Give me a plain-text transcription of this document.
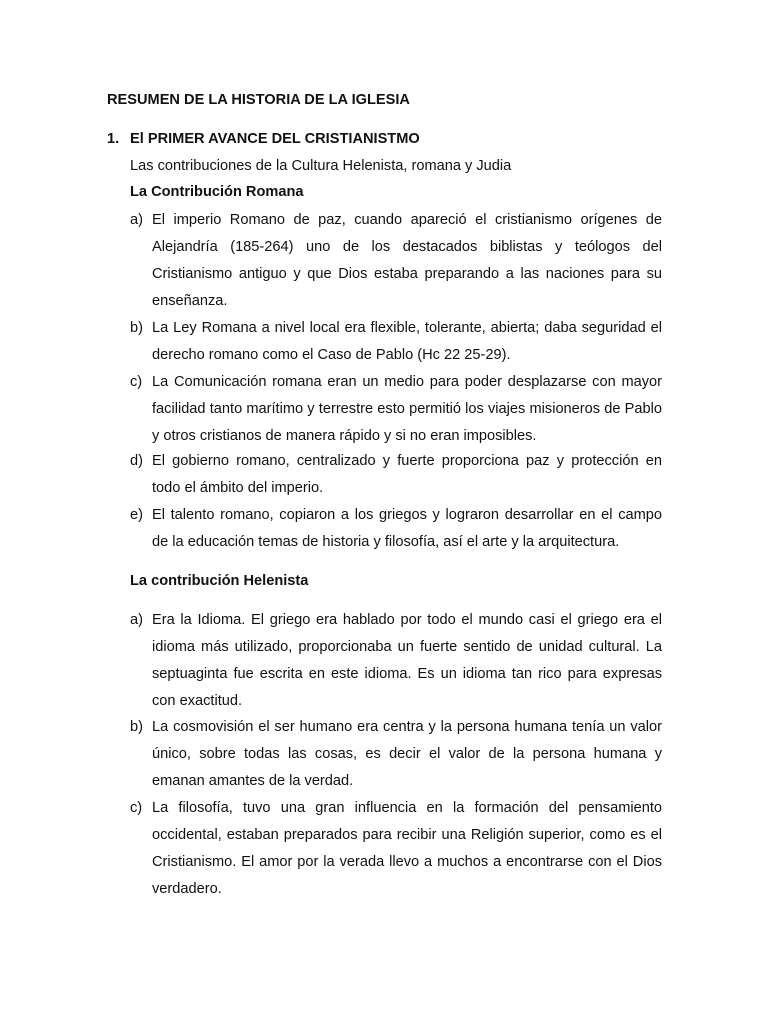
RESUMEN DE LA HISTORIA DE LA IGLESIA
1. El PRIMER AVANCE DEL CRISTIANISTMO
Las contribuciones de la Cultura Helenista, romana y Judia
La Contribución Romana
a) El imperio Romano de paz, cuando apareció el cristianismo orígenes de Alejandría (185-264) uno de los destacados biblistas y teólogos del Cristianismo antiguo y que Dios estaba preparando a las naciones para su enseñanza.
b) La Ley Romana a nivel local era flexible, tolerante, abierta; daba seguridad el derecho romano como el Caso de Pablo (Hc 22 25-29).
c) La Comunicación romana eran un medio para poder desplazarse con mayor facilidad tanto marítimo y terrestre esto permitió los viajes misioneros de Pablo y otros cristianos de manera rápido y si no eran imposibles.
d) El gobierno romano, centralizado y fuerte proporciona paz y protección en todo el ámbito del imperio.
e) El talento romano, copiaron a los griegos y lograron desarrollar en el campo de la educación temas de historia y filosofía, así el arte y la arquitectura.
La contribución Helenista
a) Era la Idioma. El griego era hablado por todo el mundo casi el griego era el idioma más utilizado, proporcionaba un fuerte sentido de unidad cultural. La septuaginta fue escrita en este idioma. Es un idioma tan rico para expresas con exactitud.
b) La cosmovisión el ser humano era centra y la persona humana tenía un valor único, sobre todas las cosas, es decir el valor de la persona humana y emanan amantes de la verdad.
c) La filosofía, tuvo una gran influencia en la formación del pensamiento occidental, estaban preparados para recibir una Religión superior, como es el Cristianismo. El amor por la verada llevo a muchos a encontrarse con el Dios verdadero.
